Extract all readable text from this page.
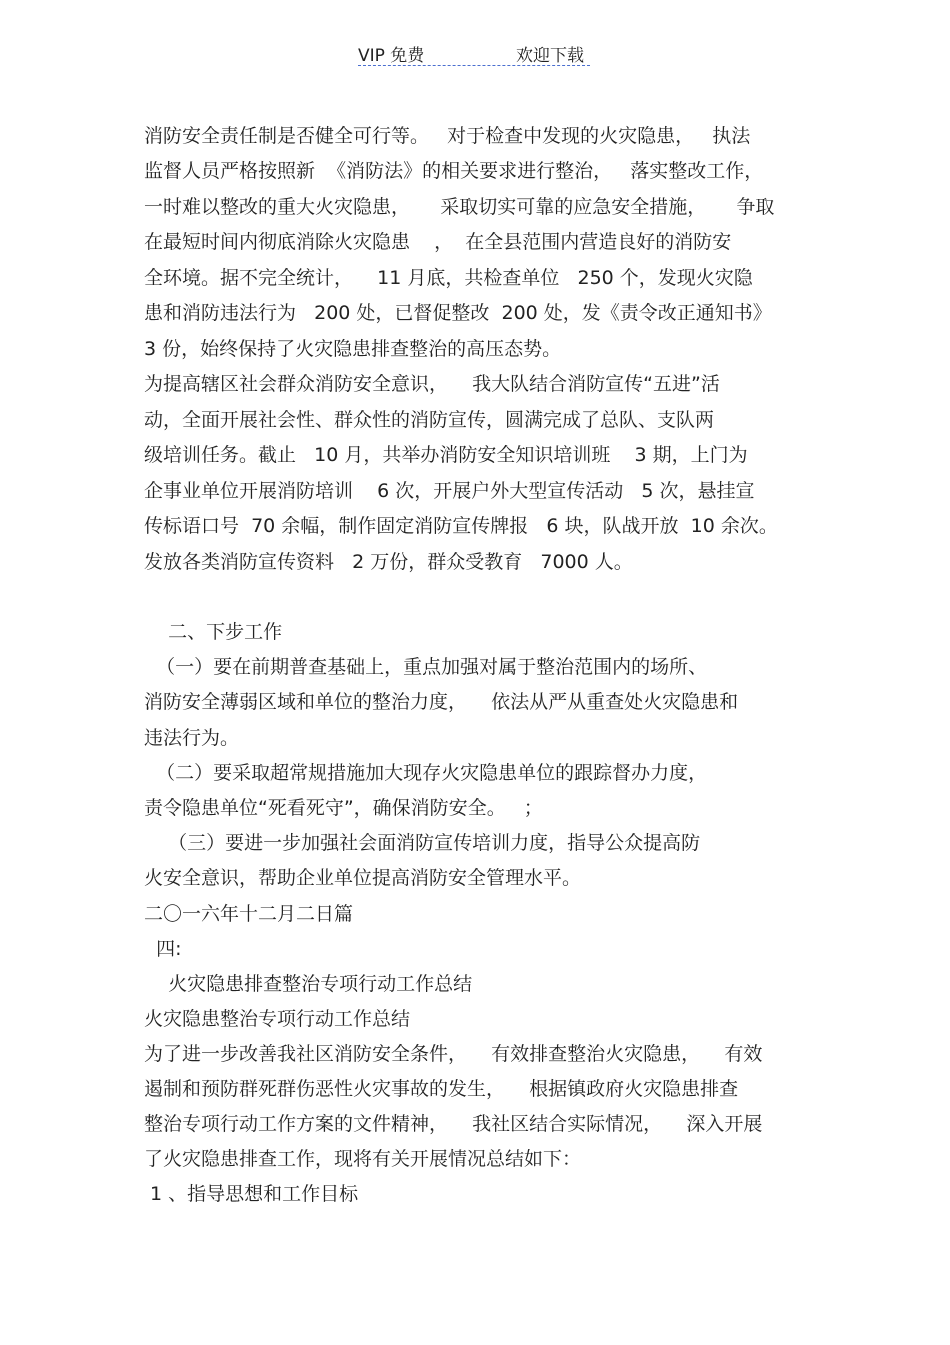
VIP 免费	欢迎下载
消防安全责任制是否健全可行等。   对于检查中发现的火灾隐患，   执法
监督人员严格按照新  《消防法》的相关要求进行整治，   落实整改工作，
一时难以整改的重大火灾隐患，     采取切实可靠的应急安全措施，     争取
在最短时间内彻底消除火灾隐患    ，  在全县范围内营造良好的消防安
全环境。据不完全统计，    11 月底，共检查单位   250 个，发现火灾隐
患和消防违法行为   200 处，已督促整改  200 处，发《责令改正通知书》
3 份，始终保持了火灾隐患排查整治的高压态势。
为提高辖区社会群众消防安全意识，    我大队结合消防宣传“五进”活
动，全面开展社会性、群众性的消防宣传，圆满完成了总队、支队两
级培训任务。截止   10 月，共举办消防安全知识培训班    3 期，上门为
企事业单位开展消防培训    6 次，开展户外大型宣传活动   5 次，悬挂宣
传标语口号  70 余幅，制作固定消防宣传牌报   6 块，队战开放  10 余次。
发放各类消防宣传资料   2 万份，群众受教育   7000 人。
二、下步工作
（一）要在前期普查基础上，重点加强对属于整治范围内的场所、
消防安全薄弱区域和单位的整治力度，    依法从严从重查处火灾隐患和
违法行为。
（二）要采取超常规措施加大现存火灾隐患单位的跟踪督办力度，
责令隐患单位“死看死守”，确保消防安全。   ；
（三）要进一步加强社会面消防宣传培训力度，指导公众提高防
火安全意识，帮助企业单位提高消防安全管理水平。
二〇一六年十二月二日篇
四:
火灾隐患排查整治专项行动工作总结
火灾隐患整治专项行动工作总结
为了进一步改善我社区消防安全条件，    有效排查整治火灾隐患，    有效
遏制和预防群死群伤恶性火灾事故的发生，    根据镇政府火灾隐患排查
整治专项行动工作方案的文件精神，    我社区结合实际情况，    深入开展
了火灾隐患排查工作，现将有关开展情况总结如下：
1 、指导思想和工作目标
